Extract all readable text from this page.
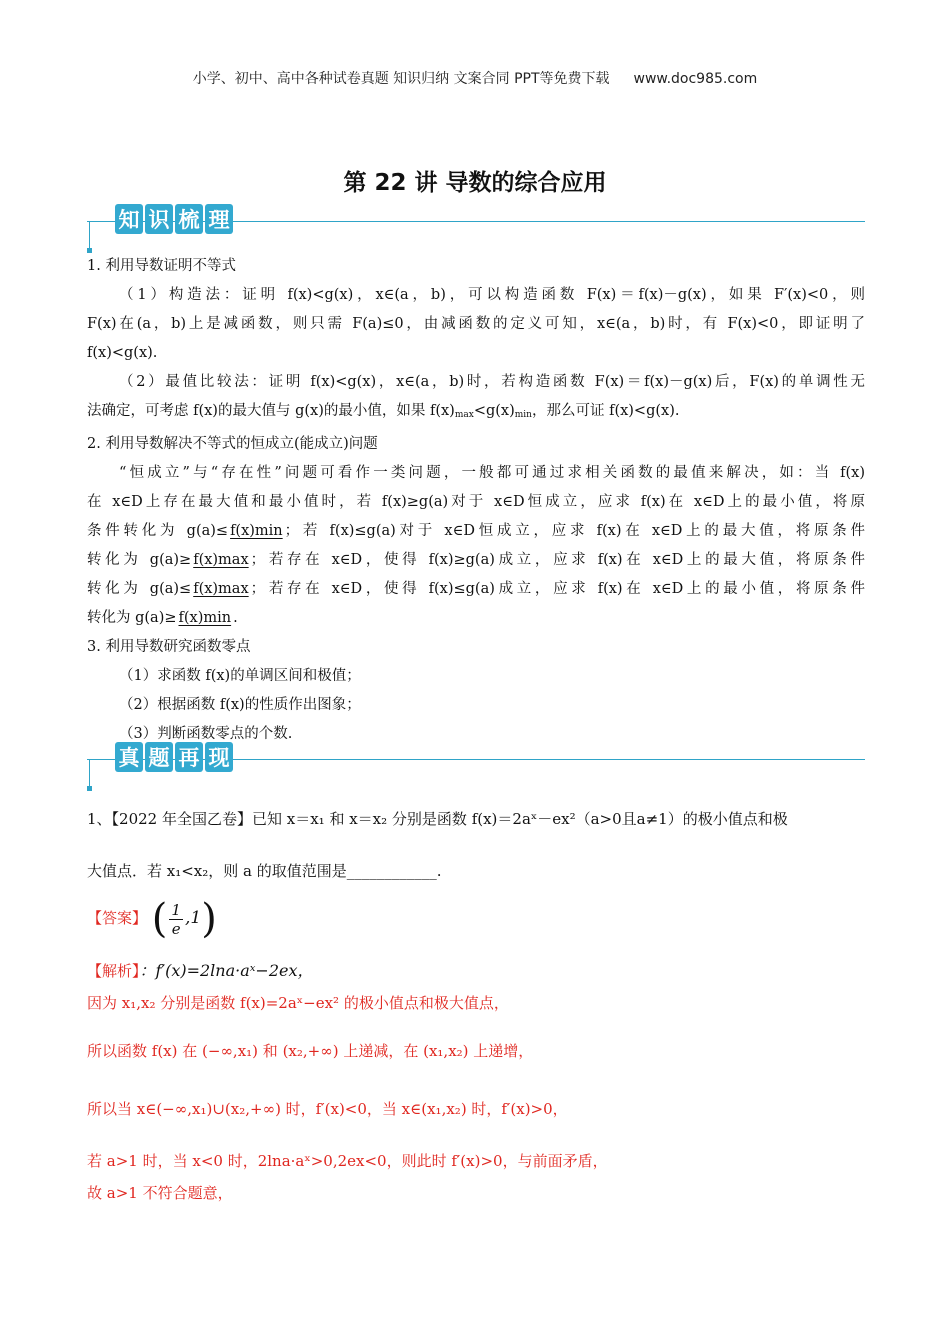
小学、初中、高中各种试卷真题 知识归纳 文案合同 PPT等免费下载 www.doc985.com
第 22 讲 导数的综合应用
知 识 梳 理

1. 利用导数证明不等式

（1）构造法：证明 f(x)<g(x)，x∈(a，b)，可以构造函数 F(x)＝f(x)－g(x)，如果 F′(x)<0，则

F(x)在(a，b)上是减函数，则只需 F(a)≤0，由减函数的定义可知，x∈(a，b)时，有 F(x)<0，即证明了

f(x)<g(x).

（2）最值比较法：证明 f(x)<g(x)，x∈(a，b)时，若构造函数 F(x)＝f(x)－g(x)后，F(x)的单调性无

法确定，可考虑 f(x)的最大值与 g(x)的最小值，如果 $f(x)_{max}<g(x)_{min}$，那么可证 f(x)<g(x).

2. 利用导数解决不等式的恒成立(能成立)问题

“恒成立”与“存在性”问题可看作一类问题，一般都可通过求相关函数的最值来解决，如：当 f(x)

在 x∈D上存在最大值和最小值时，若 f(x)≥g(a)对于 x∈D恒成立，应求 f(x)在 x∈D上的最小值，将原

条件转化为 g(a)≤ f(x)min ；若 f(x)≤g(a)对于 x∈D恒成立，应求 f(x)在 x∈D上的最大值，将原条件

转化为 g(a)≥ f(x)max ；若存在 x∈D，使得 f(x)≥g(a)成立，应求 f(x)在 x∈D上的最大值，将原条件

转化为 g(a)≤ f(x)max ；若存在 x∈D，使得 f(x)≤g(a)成立，应求 f(x)在 x∈D上的最小值，将原条件

转化为 g(a)≥ f(x)min .

3. 利用导数研究函数零点

（1）求函数 f(x)的单调区间和极值；

（2）根据函数 f(x)的性质作出图象；

（3）判断函数零点的个数.

真 题 再 现

1、【2022 年全国乙卷】已知 x＝x₁ 和 x＝x₂ 分别是函数 f(x)＝2aˣ－ex²（a>0且a≠1）的极小值点和极

大值点．若 x₁<x₂，则 a 的取值范围是____________.

【答案】 ( $\frac{1}{e} ,1$)
【解析】：f′(x)=2lna·aˣ−2ex，
因为 x₁,x₂ 分别是函数 f(x)=2aˣ−ex² 的极小值点和极大值点，
所以函数 f(x) 在 (−∞,x₁) 和 (x₂,+∞) 上递减，在 (x₁,x₂) 上递增，
所以当 x∈(−∞,x₁)∪(x₂,+∞) 时，f′(x)<0，当 x∈(x₁,x₂) 时，f′(x)>0，
若 a>1 时，当 x<0 时，2lna·aˣ>0,2ex<0，则此时 f′(x)>0，与前面矛盾，
故 a>1 不符合题意，
